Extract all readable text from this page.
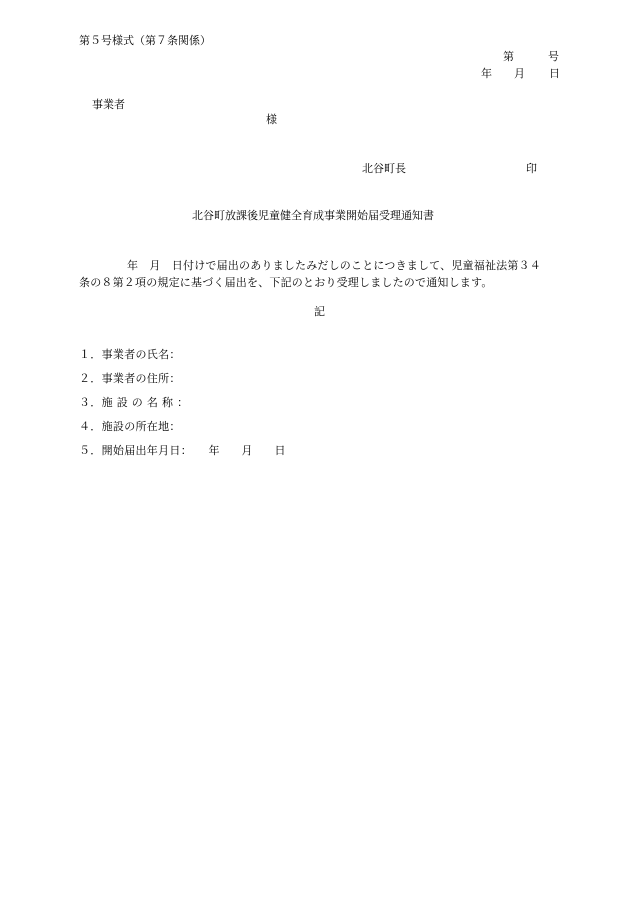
第５号様式（第７条関係）
第	号
年 月 日
事業者
様
北谷町長	印
北谷町放課後児童健全育成事業開始届受理通知書
年　月　日付けで届出のありましたみだしのことにつきまして、児童福祉法第３４
条の８第２項の規定に基づく届出を、下記のとおり受理しましたので通知します。
記
１．事業者の氏名：
２．事業者の住所：
３．施 設 の 名 称 ：
４．施設の所在地：
５．開始届出年月日： 年 月 日
